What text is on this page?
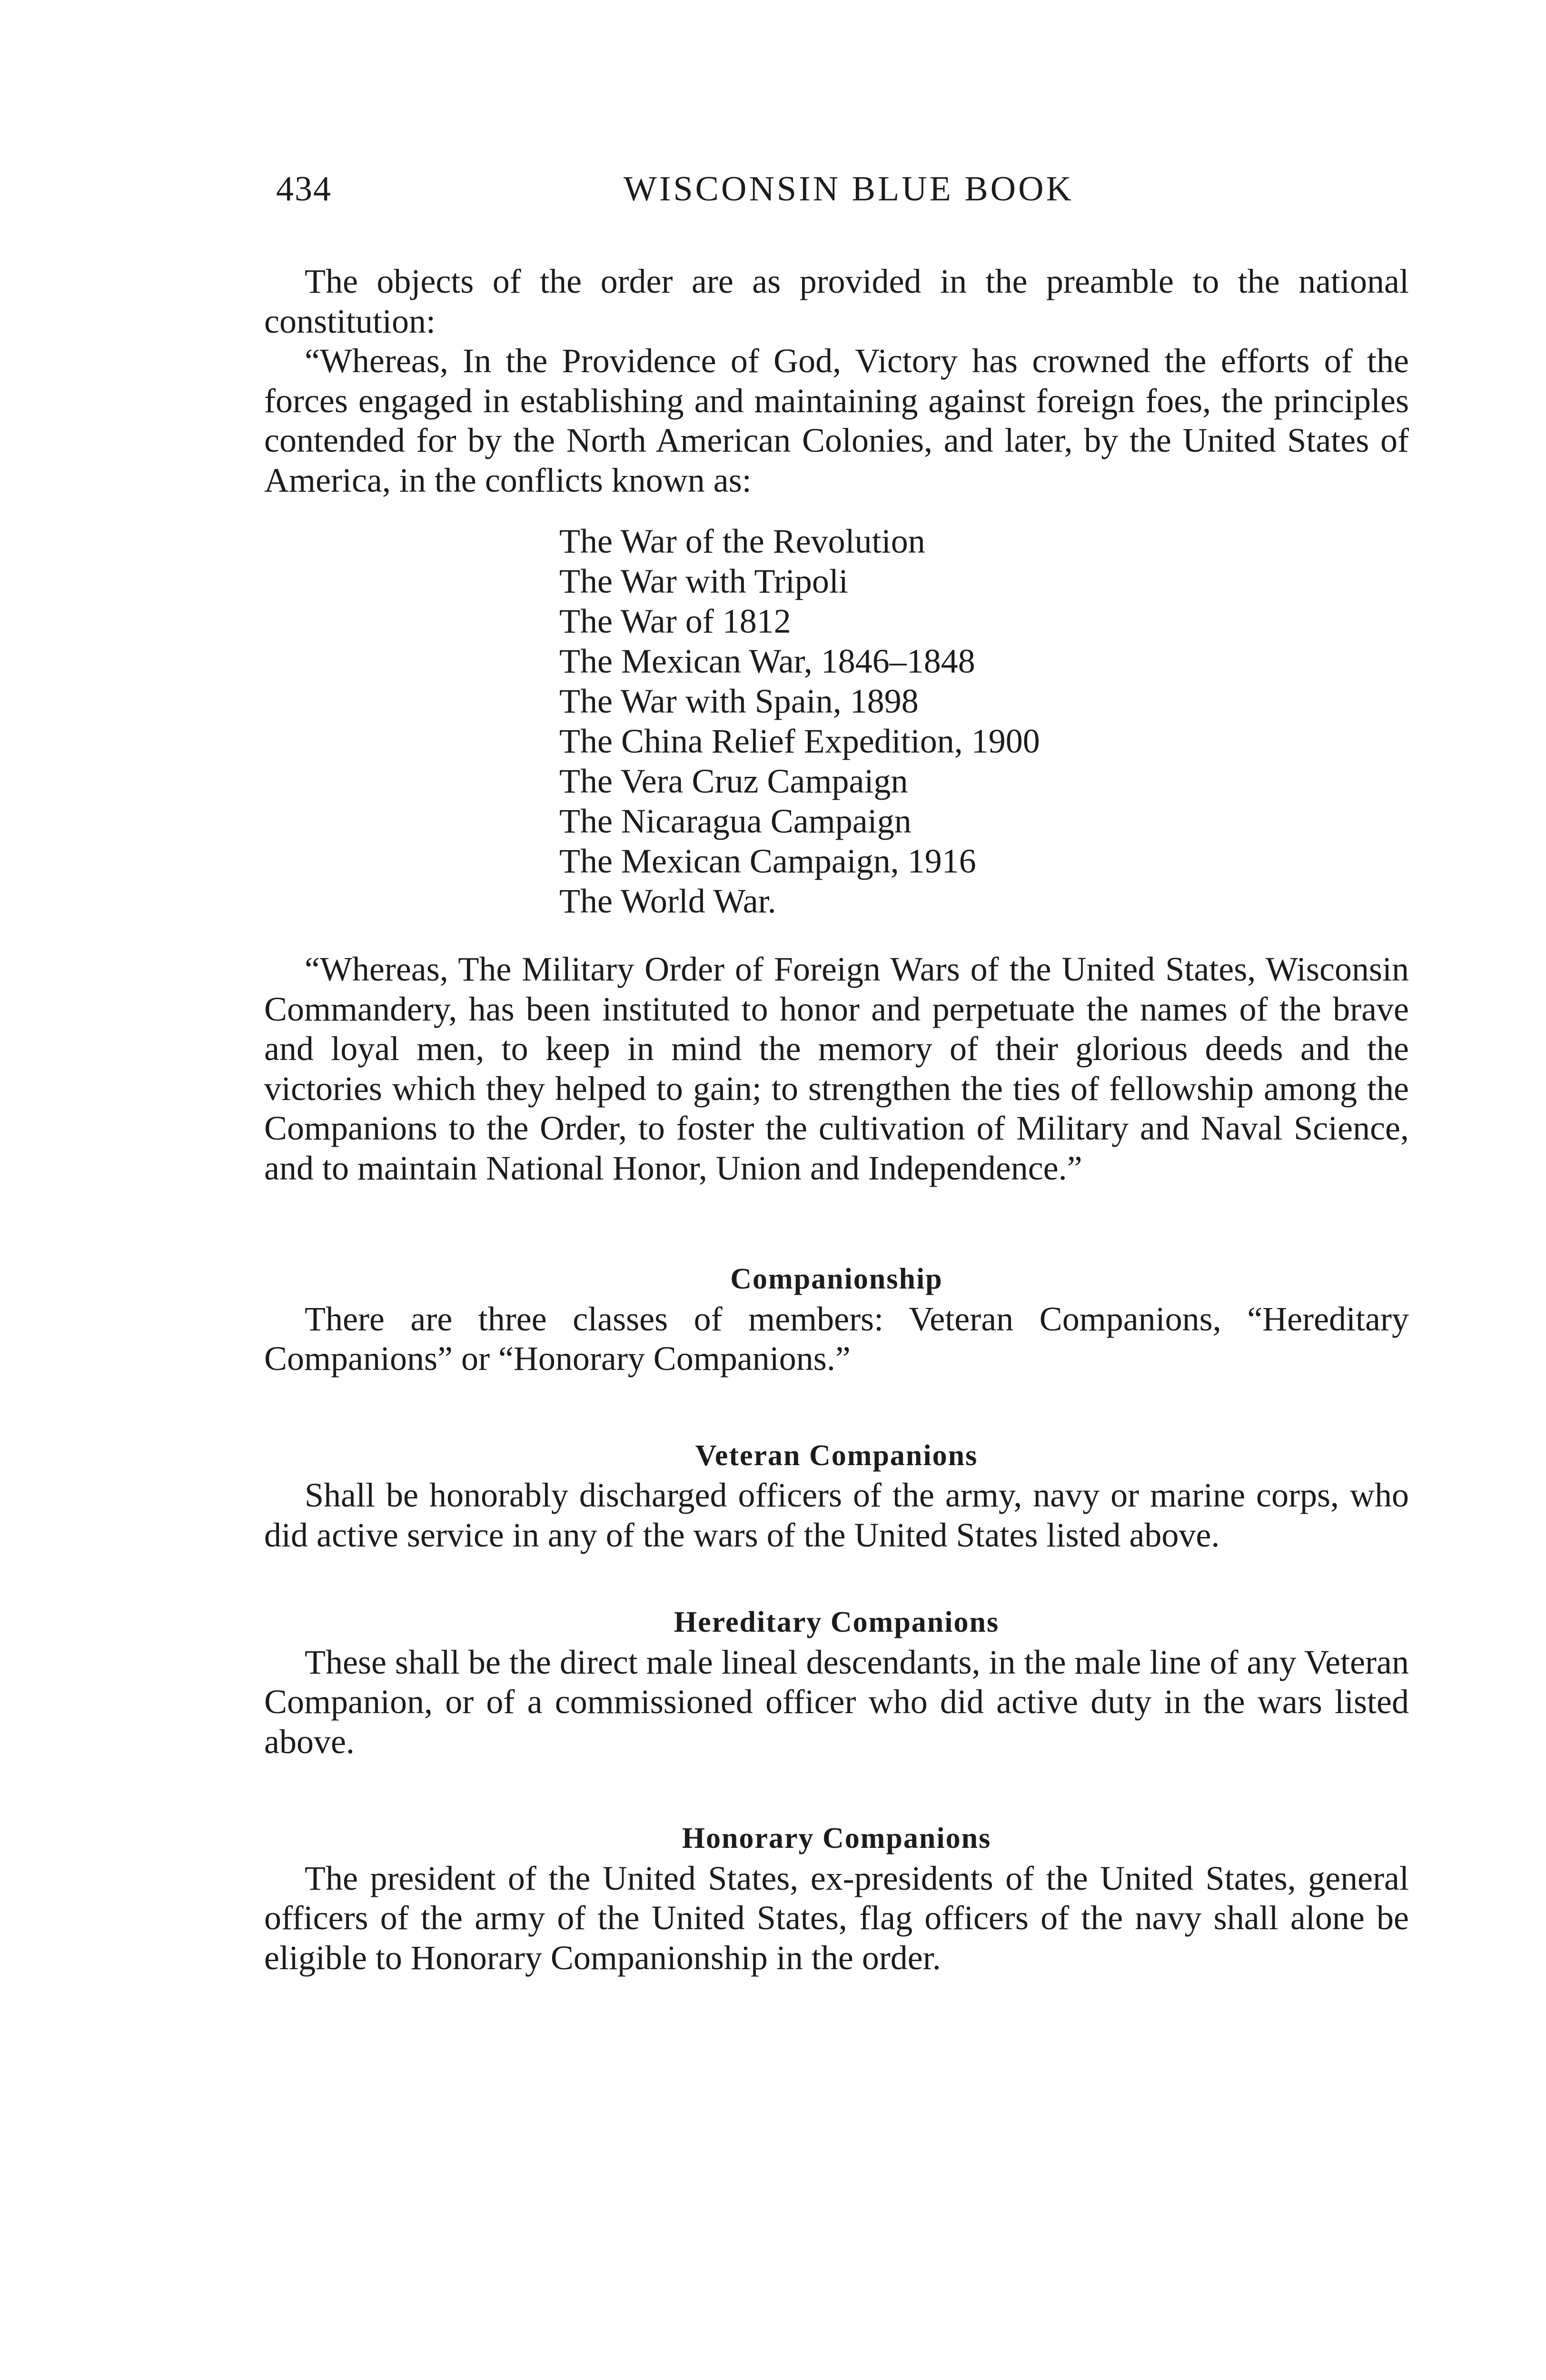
434	WISCONSIN BLUE BOOK

The objects of the order are as provided in the preamble to the national constitution:

“Whereas, In the Providence of God, Victory has crowned the efforts of the forces engaged in establishing and maintaining against foreign foes, the principles contended for by the North American Colonies, and later, by the United States of America, in the conflicts known as:

The War of the Revolution
The War with Tripoli
The War of 1812
The Mexican War, 1846–1848
The War with Spain, 1898
The China Relief Expedition, 1900
The Vera Cruz Campaign
The Nicaragua Campaign
The Mexican Campaign, 1916
The World War.

“Whereas, The Military Order of Foreign Wars of the United States, Wisconsin Commandery, has been instituted to honor and perpetuate the names of the brave and loyal men, to keep in mind the memory of their glorious deeds and the victories which they helped to gain; to strengthen the ties of fellowship among the Companions to the Order, to foster the cultivation of Military and Naval Science, and to maintain National Honor, Union and Independence.”

Companionship

There are three classes of members: Veteran Companions, “Hereditary Companions” or “Honorary Companions.”

Veteran Companions

Shall be honorably discharged officers of the army, navy or marine corps, who did active service in any of the wars of the United States listed above.

Hereditary Companions

These shall be the direct male lineal descendants, in the male line of any Veteran Companion, or of a commissioned officer who did active duty in the wars listed above.

Honorary Companions

The president of the United States, ex-presidents of the United States, general officers of the army of the United States, flag officers of the navy shall alone be eligible to Honorary Companionship in the order.
